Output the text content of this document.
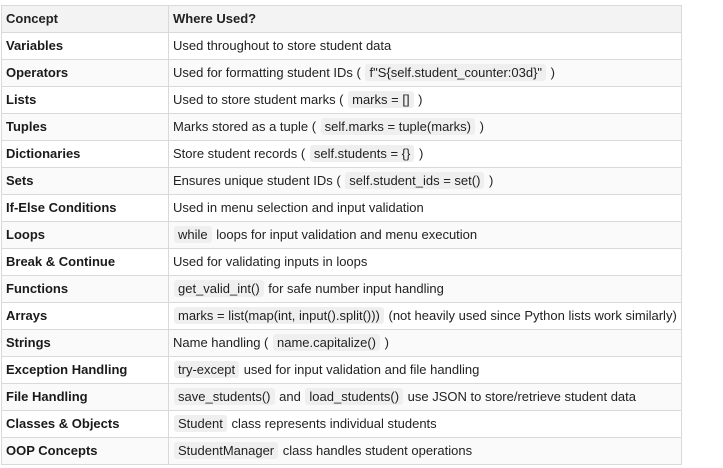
Concept	Where Used?
Variables	Used throughout to store student data
Operators	Used for formatting student IDs ( f"S{self.student_counter:03d}" )
Lists	Used to store student marks ( marks = [] )
Tuples	Marks stored as a tuple ( self.marks = tuple(marks) )
Dictionaries	Store student records ( self.students = {} )
Sets	Ensures unique student IDs ( self.student_ids = set() )
If-Else Conditions	Used in menu selection and input validation
Loops	while loops for input validation and menu execution
Break & Continue	Used for validating inputs in loops
Functions	get_valid_int() for safe number input handling
Arrays	marks = list(map(int, input().split())) (not heavily used since Python lists work similarly)
Strings	Name handling ( name.capitalize() )
Exception Handling	try-except used for input validation and file handling
File Handling	save_students() and load_students() use JSON to store/retrieve student data
Classes & Objects	Student class represents individual students
OOP Concepts	StudentManager class handles student operations
